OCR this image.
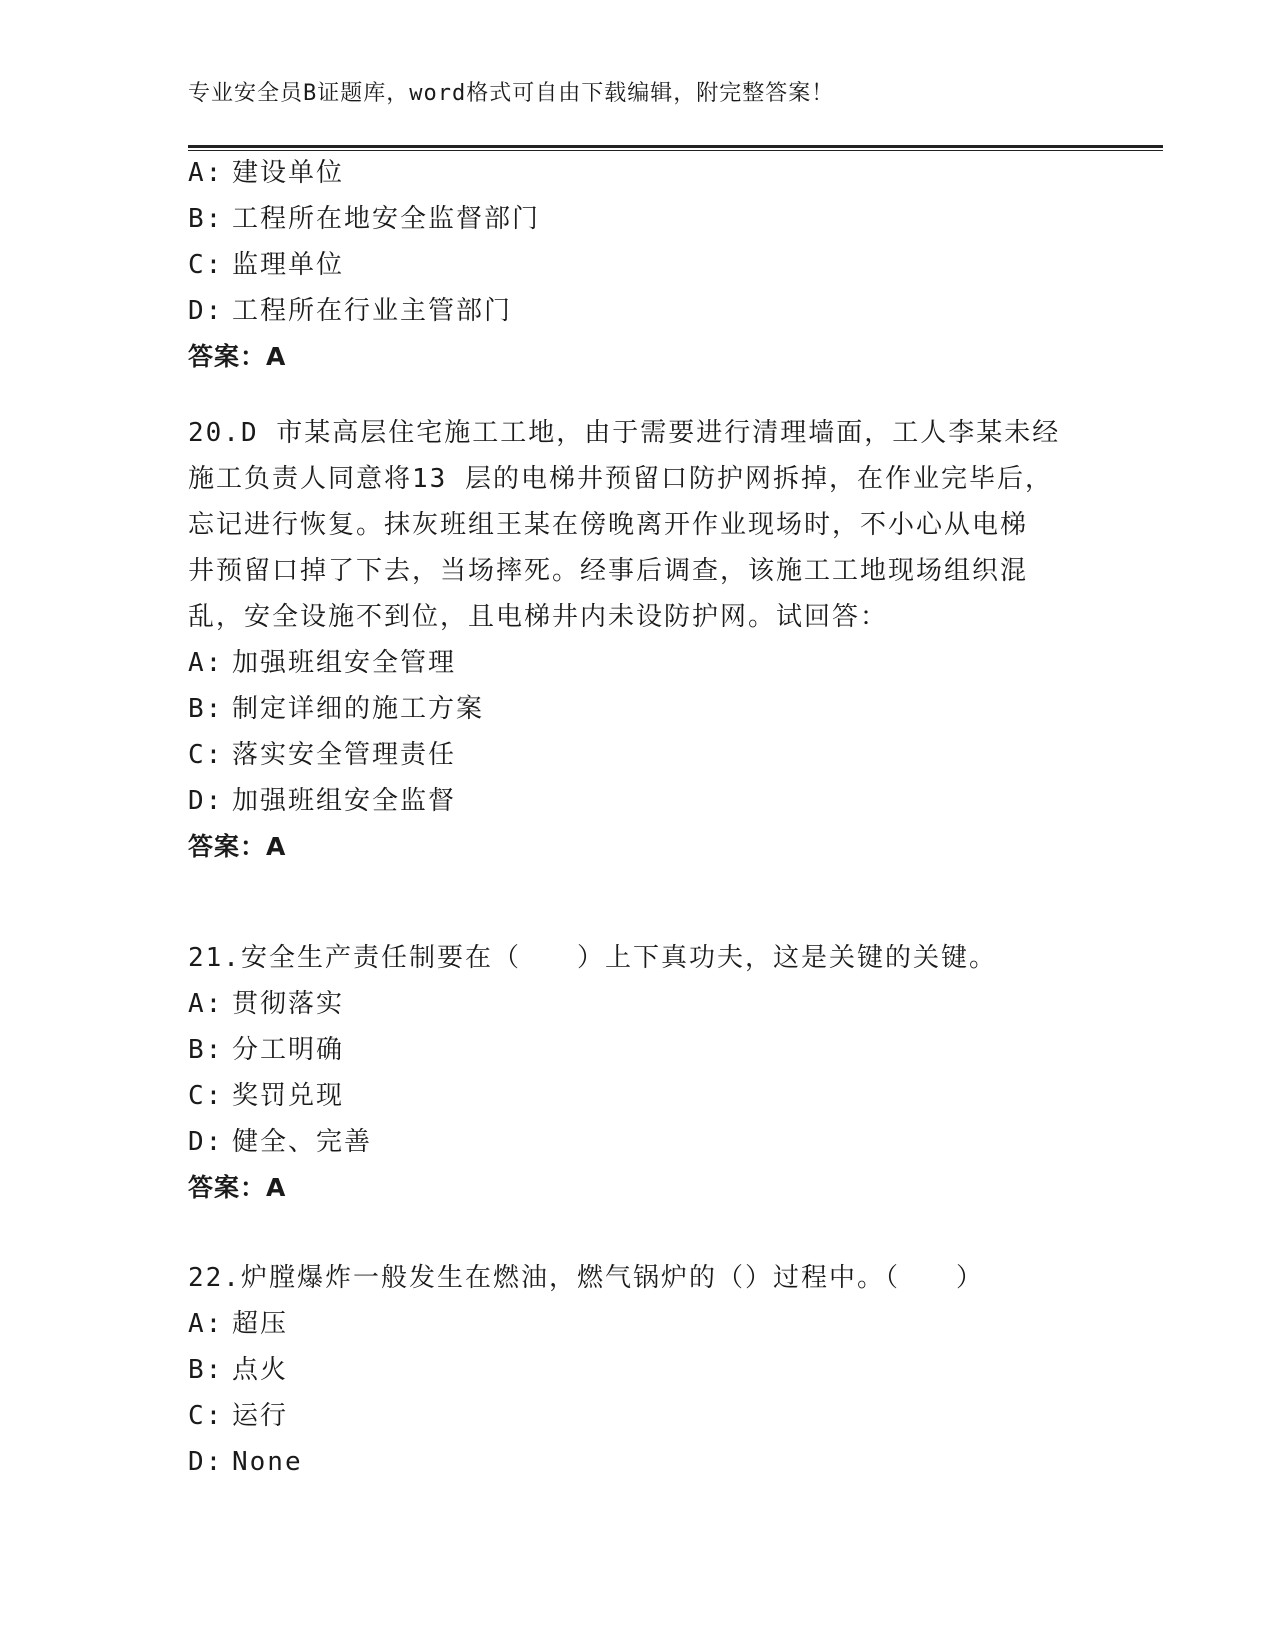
专业安全员B证题库，word格式可自由下载编辑，附完整答案！
A: 建设单位
B: 工程所在地安全监督部门
C: 监理单位
D: 工程所在行业主管部门
答案：A
20.D 市某高层住宅施工工地，由于需要进行清理墙面，工人李某未经
施工负责人同意将13 层的电梯井预留口防护网拆掉，在作业完毕后，
忘记进行恢复。抹灰班组王某在傍晚离开作业现场时，不小心从电梯
井预留口掉了下去，当场摔死。经事后调查，该施工工地现场组织混
乱，安全设施不到位，且电梯井内未设防护网。试回答：
A: 加强班组安全管理
B: 制定详细的施工方案
C: 落实安全管理责任
D: 加强班组安全监督
答案：A
21.安全生产责任制要在（　　）上下真功夫，这是关键的关键。
A: 贯彻落实
B: 分工明确
C: 奖罚兑现
D: 健全、完善
答案：A
22.炉膛爆炸一般发生在燃油，燃气锅炉的（）过程中。（　　）
A: 超压
B: 点火
C: 运行
D: None
